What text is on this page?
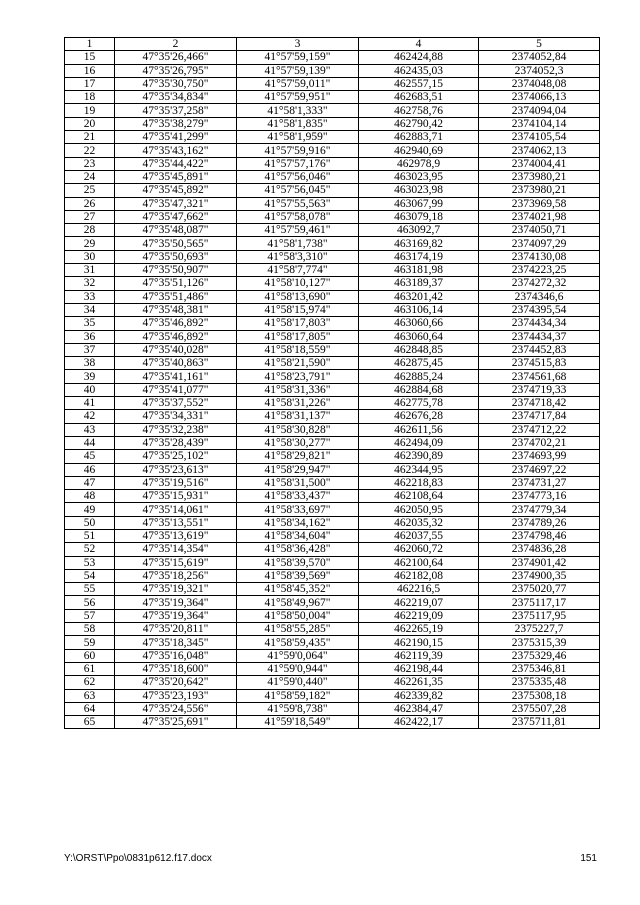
1	2	3	4	5
15	47°35'26,466"	41°57'59,159"	462424,88	2374052,84
16	47°35'26,795"	41°57'59,139"	462435,03	2374052,3
17	47°35'30,750"	41°57'59,011"	462557,15	2374048,08
18	47°35'34,834"	41°57'59,951"	462683,51	2374066,13
19	47°35'37,258"	41°58'1,333"	462758,76	2374094,04
20	47°35'38,279"	41°58'1,835"	462790,42	2374104,14
21	47°35'41,299"	41°58'1,959"	462883,71	2374105,54
22	47°35'43,162"	41°57'59,916"	462940,69	2374062,13
23	47°35'44,422"	41°57'57,176"	462978,9	2374004,41
24	47°35'45,891"	41°57'56,046"	463023,95	2373980,21
25	47°35'45,892"	41°57'56,045"	463023,98	2373980,21
26	47°35'47,321"	41°57'55,563"	463067,99	2373969,58
27	47°35'47,662"	41°57'58,078"	463079,18	2374021,98
28	47°35'48,087"	41°57'59,461"	463092,7	2374050,71
29	47°35'50,565"	41°58'1,738"	463169,82	2374097,29
30	47°35'50,693"	41°58'3,310"	463174,19	2374130,08
31	47°35'50,907"	41°58'7,774"	463181,98	2374223,25
32	47°35'51,126"	41°58'10,127"	463189,37	2374272,32
33	47°35'51,486"	41°58'13,690"	463201,42	2374346,6
34	47°35'48,381"	41°58'15,974"	463106,14	2374395,54
35	47°35'46,892"	41°58'17,803"	463060,66	2374434,34
36	47°35'46,892"	41°58'17,805"	463060,64	2374434,37
37	47°35'40,028"	41°58'18,559"	462848,85	2374452,83
38	47°35'40,863"	41°58'21,590"	462875,45	2374515,83
39	47°35'41,161"	41°58'23,791"	462885,24	2374561,68
40	47°35'41,077"	41°58'31,336"	462884,68	2374719,33
41	47°35'37,552"	41°58'31,226"	462775,78	2374718,42
42	47°35'34,331"	41°58'31,137"	462676,28	2374717,84
43	47°35'32,238"	41°58'30,828"	462611,56	2374712,22
44	47°35'28,439"	41°58'30,277"	462494,09	2374702,21
45	47°35'25,102"	41°58'29,821"	462390,89	2374693,99
46	47°35'23,613"	41°58'29,947"	462344,95	2374697,22
47	47°35'19,516"	41°58'31,500"	462218,83	2374731,27
48	47°35'15,931"	41°58'33,437"	462108,64	2374773,16
49	47°35'14,061"	41°58'33,697"	462050,95	2374779,34
50	47°35'13,551"	41°58'34,162"	462035,32	2374789,26
51	47°35'13,619"	41°58'34,604"	462037,55	2374798,46
52	47°35'14,354"	41°58'36,428"	462060,72	2374836,28
53	47°35'15,619"	41°58'39,570"	462100,64	2374901,42
54	47°35'18,256"	41°58'39,569"	462182,08	2374900,35
55	47°35'19,321"	41°58'45,352"	462216,5	2375020,77
56	47°35'19,364"	41°58'49,967"	462219,07	2375117,17
57	47°35'19,364"	41°58'50,004"	462219,09	2375117,95
58	47°35'20,811"	41°58'55,285"	462265,19	2375227,7
59	47°35'18,345"	41°58'59,435"	462190,15	2375315,39
60	47°35'16,048"	41°59'0,064"	462119,39	2375329,46
61	47°35'18,600"	41°59'0,944"	462198,44	2375346,81
62	47°35'20,642"	41°59'0,440"	462261,35	2375335,48
63	47°35'23,193"	41°58'59,182"	462339,82	2375308,18
64	47°35'24,556"	41°59'8,738"	462384,47	2375507,28
65	47°35'25,691"	41°59'18,549"	462422,17	2375711,81
Y:\ORST\Ppo\0831p612.f17.docx	151
